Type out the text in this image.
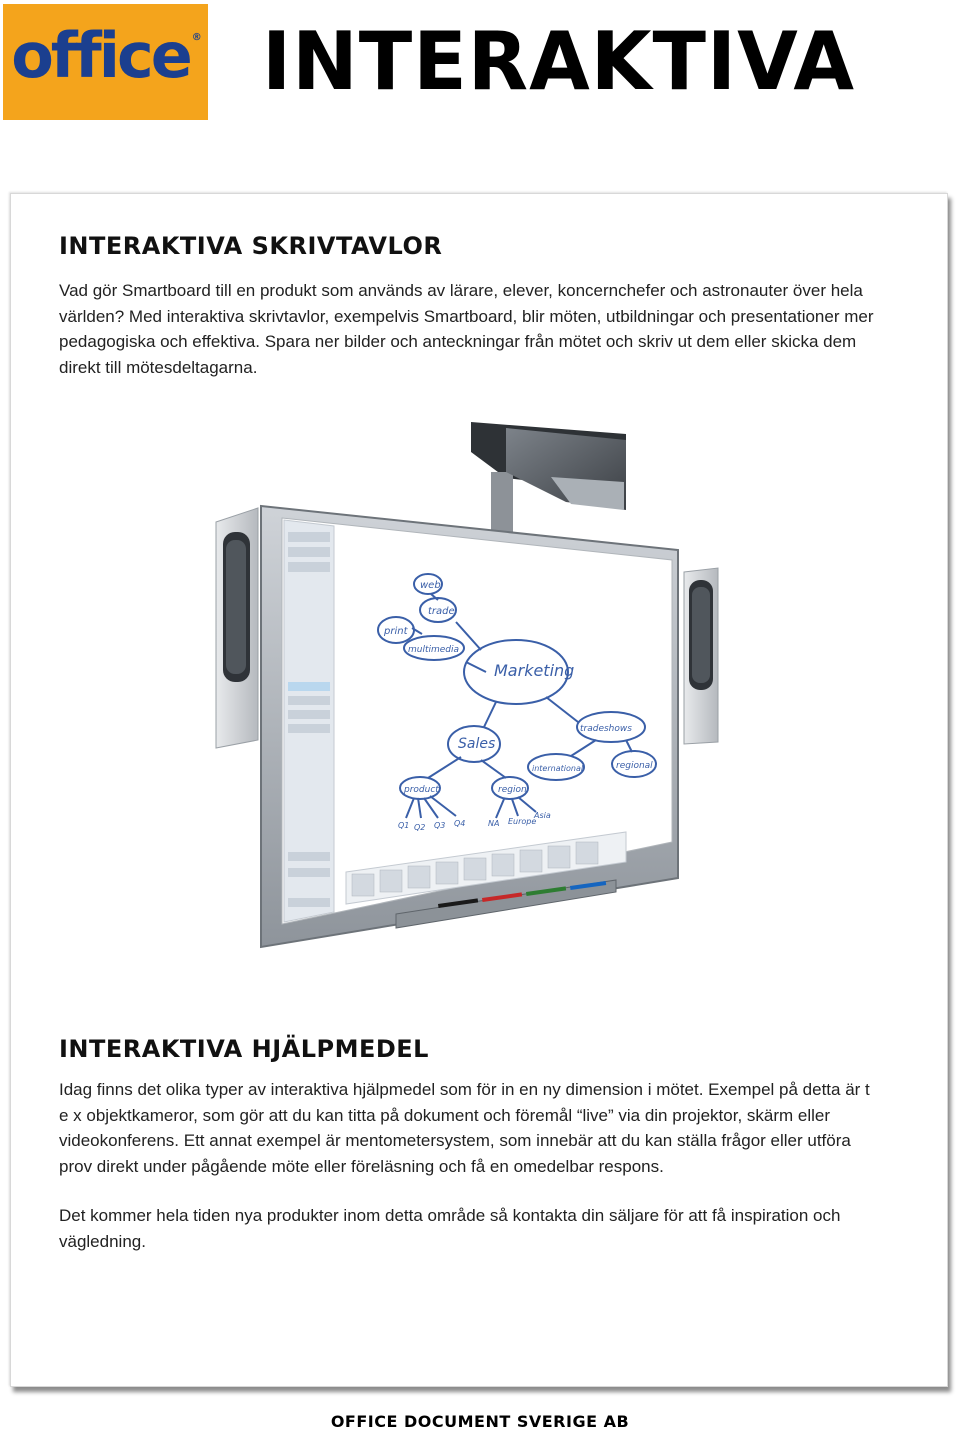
office ® INTERAKTIVA
INTERAKTIVA SKRIVTAVLOR

Vad gör Smartboard till en produkt som används av lärare, elever, koncernchefer och astronauter över hela världen? Med interaktiva skrivtavlor, exempelvis Smartboard, blir möten, utbildningar och presentationer mer pedagogiska och effektiva. Spara ner bilder och anteckningar från mötet och skriv ut dem eller skicka dem direkt till mötesdeltagarna.

Marketing
Sales
web
print
trade
multimedia
tradeshows
international	regional
product	region
Q1 Q2 Q3 Q4	NA Europe
Asia
INTERAKTIVA HJÄLPMEDEL

Idag finns det olika typer av interaktiva hjälpmedel som för in en ny dimension i mötet. Exempel på detta är t e x objektkameror, som gör att du kan titta på dokument och föremål “live” via din projektor, skärm eller videokonferens. Ett annat exempel är mentometersystem, som innebär att du kan ställa frågor eller utföra prov direkt under pågående möte eller föreläsning och få en omedelbar respons.

Det kommer hela tiden nya produkter inom detta område så kontakta din säljare för att få inspiration och vägledning.

OFFICE DOCUMENT SVERIGE AB
